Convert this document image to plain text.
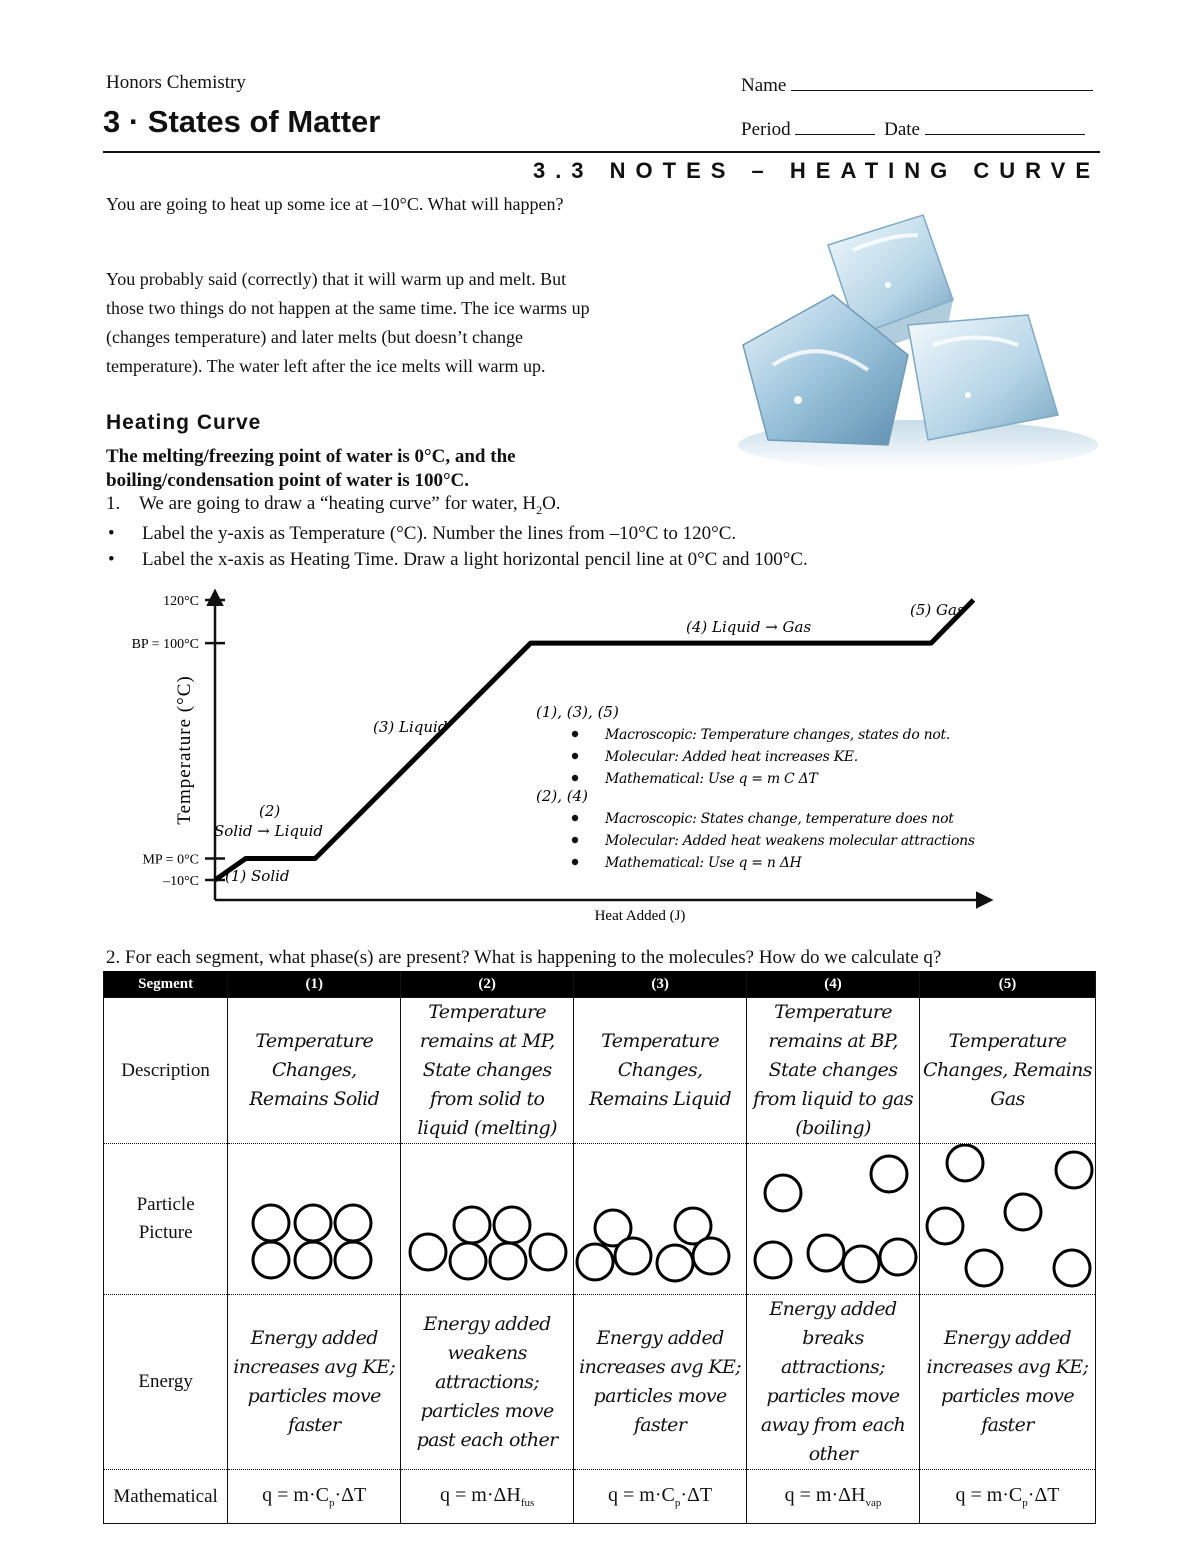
Honors Chemistry
3 · States of Matter
Name
Period	Date
3.3 NOTES – HEATING CURVE
You are going to heat up some ice at –10°C. What will happen?
You probably said (correctly) that it will warm up and melt. But
those two things do not happen at the same time. The ice warms up
(changes temperature) and later melts (but doesn’t change
temperature). The water left after the ice melts will warm up.
Heating Curve
The melting/freezing point of water is 0°C, and the
boiling/condensation point of water is 100°C.
1. We are going to draw a “heating curve” for water, $H_2O$.
• Label the y-axis as Temperature (°C). Number the lines from –10°C to 120°C.
• Label the x-axis as Heating Time. Draw a light horizontal pencil line at 0°C and 100°C.
120°C
BP = 100°C
MP = 0°C
–10°C
Temperature (°C)
Heat Added (J)
(1) Solid
(2)
Solid → Liquid
(3) Liquid
(4) Liquid → Gas
(5) Gas
(1), (3), (5)
Macroscopic: Temperature changes, states do not.
Molecular: Added heat increases KE.
Mathematical: Use q = m C ΔT
(2), (4)
Macroscopic: States change, temperature does not
Molecular: Added heat weakens molecular attractions
Mathematical: Use q = n ΔH
2. For each segment, what phase(s) are present? What is happening to the molecules? How do we calculate q?
Segment	(1)	(2)	(3)	(4)	(5)
Description	Temperature Changes, Remains Solid	Temperature remains at MP, State changes from solid to liquid (melting)	Temperature Changes, Remains Liquid	Temperature remains at BP, State changes from liquid to gas (boiling)	Temperature Changes, Remains Gas

Particle
Picture

Energy	Energy added increases avg KE; particles move faster	Energy added weakens attractions; particles move past each other	Energy added increases avg KE; particles move faster	Energy added breaks attractions; particles move away from each other	Energy added increases avg KE; particles move faster
Mathematical	$q = m\cdot C_p\cdot\Delta T$	$q = m\cdot\Delta H_{fus}$	$q = m\cdot C_p\cdot\Delta T$	$q = m\cdot\Delta H_{vap}$	$q = m\cdot C_p\cdot\Delta T$
